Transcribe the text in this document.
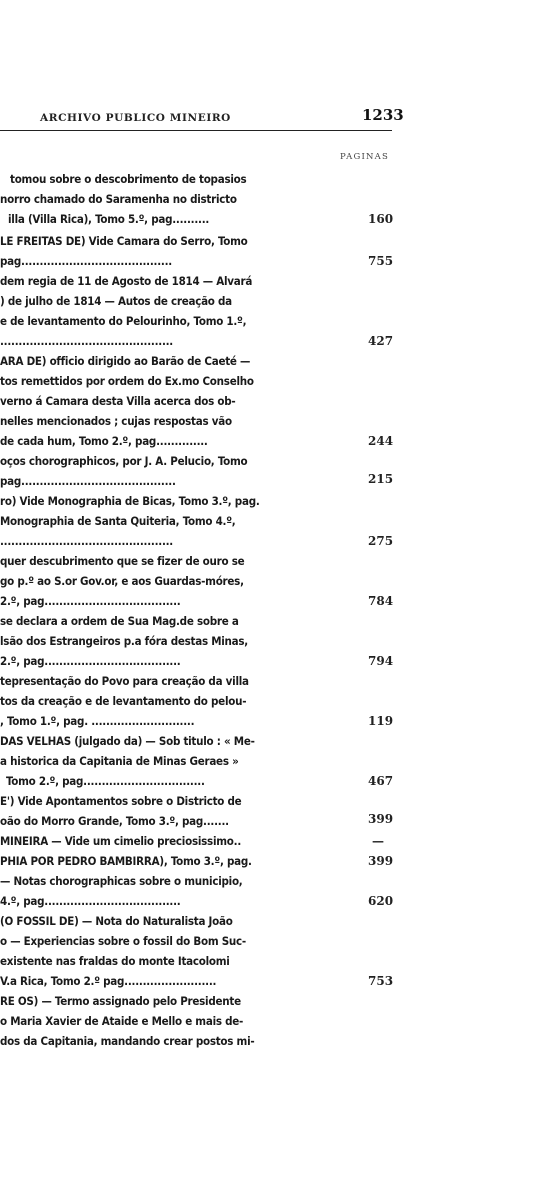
ARCHIVO PUBLICO MINEIRO	1233
PAGINAS
tomou sobre o descobrimento de topasios
norro chamado do Saramenha no districto
illa (Villa Rica), Tomo 5.º, pag..........
LE FREITAS DE) Vide Camara do Serro, Tomo
pag.........................................
dem regia de 11 de Agosto de 1814 — Alvará
) de julho de 1814 — Autos de creação da
e de levantamento do Pelourinho, Tomo 1.º,
...............................................
ARA DE) officio dirigido ao Barão de Caeté —
tos remettidos por ordem do Ex.mo Conselho
verno á Camara desta Villa acerca dos ob-
nelles mencionados ; cujas respostas vão
de cada hum, Tomo 2.º, pag..............
oços chorographicos, por J. A. Pelucio, Tomo
pag..........................................
ro) Vide Monographia de Bicas, Tomo 3.º, pag.
Monographia de Santa Quiteria, Tomo 4.º,
...............................................
quer descubrimento que se fizer de ouro se
go p.º ao S.or Gov.or, e aos Guardas-móres,
2.º, pag.....................................
se declara a ordem de Sua Mag.de sobre a
lsão dos Estrangeiros p.a fóra destas Minas,
2.º, pag.....................................
tepresentação do Povo para creação da villa
tos da creação e de levantamento do pelou-
, Tomo 1.º, pag. ............................
DAS VELHAS (julgado da) — Sob titulo : « Me-
a historica da Capitania de Minas Geraes »
Tomo 2.º, pag.................................
E') Vide Apontamentos sobre o Districto de
oão do Morro Grande, Tomo 3.º, pag.......
MINEIRA — Vide um cimelio preciosissimo..
PHIA POR PEDRO BAMBIRRA), Tomo 3.º, pag.
— Notas chorographicas sobre o municipio,
4.º, pag.....................................
(O FOSSIL DE) — Nota do Naturalista João
o — Experiencias sobre o fossil do Bom Suc-
existente nas fraldas do monte Itacolomi
V.a Rica, Tomo 2.º pag.........................
RE OS) — Termo assignado pelo Presidente
o Maria Xavier de Ataide e Mello e mais de-
dos da Capitania, mandando crear postos mi-
160
755
427
244
215
275
784
794
119
467
399
—
399
620
753
